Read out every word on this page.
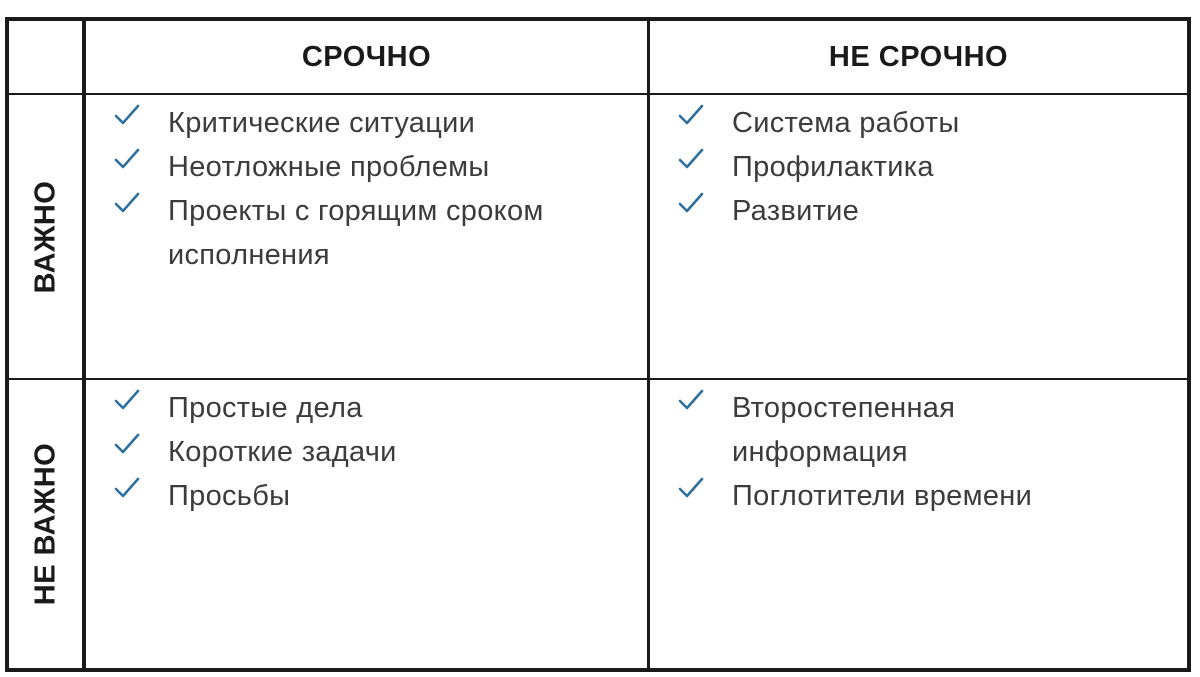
СРОЧНО	НЕ СРОЧНО
ВАЖНО
Критические ситуации
Неотложные проблемы
Проекты с горящим сроком
исполнения
Система работы
Профилактика
Развитие
НЕ ВАЖНО
Простые дела
Короткие задачи
Просьбы
Второстепенная
информация
Поглотители времени
